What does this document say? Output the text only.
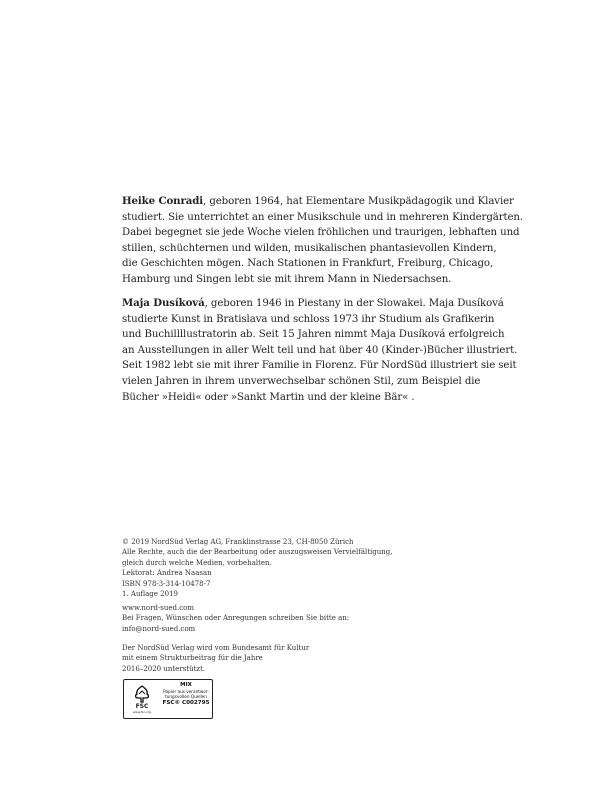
Heike Conradi, geboren 1964, hat Elementare Musikpädagogik und Klavier

studiert. Sie unterrichtet an einer Musikschule und in mehreren Kindergärten.

Dabei begegnet sie jede Woche vielen fröhlichen und traurigen, lebhaften und

stillen, schüchternen und wilden, musikalischen phantasievollen Kindern,

die Geschichten mögen. Nach Stationen in Frankfurt, Freiburg, Chicago,

Hamburg und Singen lebt sie mit ihrem Mann in Niedersachsen.

Maja Dusíková, geboren 1946 in Piestany in der Slowakei. Maja Dusíková

studierte Kunst in Bratislava und schloss 1973 ihr Studium als Grafikerin

und Buchillllustratorin ab. Seit 15 Jahren nimmt Maja Dusíková erfolgreich

an Ausstellungen in aller Welt teil und hat über 40 (Kinder-)Bücher illustriert.

Seit 1982 lebt sie mit ihrer Familie in Florenz. Für NordSüd illustriert sie seit

vielen Jahren in ihrem unverwechselbar schönen Stil, zum Beispiel die

Bücher »Heidi« oder »Sankt Martin und der kleine Bär« .

© 2019 NordSüd Verlag AG, Franklinstrasse 23, CH-8050 Zürich

Alle Rechte, auch die der Bearbeitung oder auszugsweisen Vervielfältigung,

gleich durch welche Medien, vorbehalten.

Lektorat: Andrea Naasan

ISBN 978-3-314-10478-7

1. Auflage 2019

www.nord-sued.com

Bei Fragen, Wünschen oder Anregungen schreiben Sie bitte an:

info@nord-sued.com

Der NordSüd Verlag wird vom Bundesamt für Kultur

mit einem Strukturbeitrag für die Jahre

2016–2020 unterstützt.

FSC
www.fsc.org
MIX
Papier aus verantwor-
tungsvollen Quellen
FSC® C002795
